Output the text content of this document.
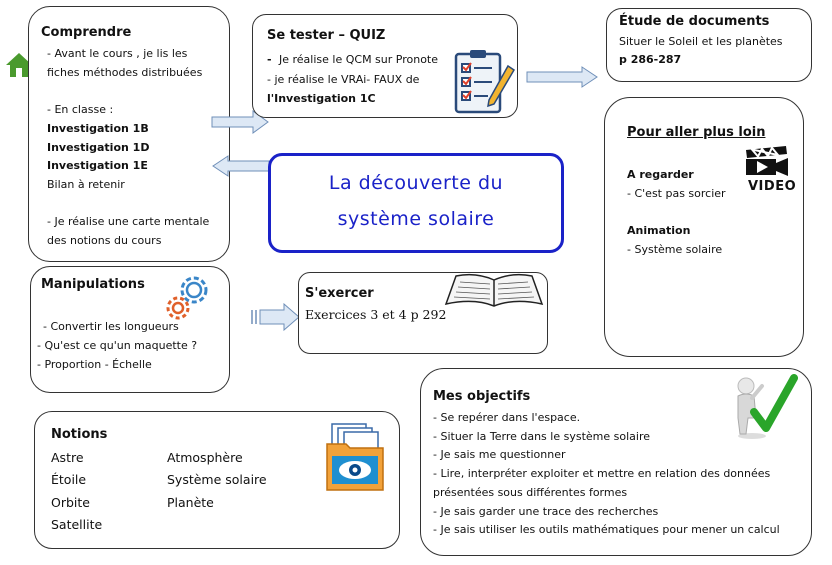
Comprendre
- Avant le cours , je lis les
fiches méthodes distribuées
- En classe :
Investigation 1B
Investigation 1D
Investigation 1E
Bilan à retenir
- Je réalise une carte mentale
des notions du cours
Se tester – QUIZ
- Je réalise le QCM sur Pronote
- je réalise le VRAi- FAUX de
l'Investigation 1C
Étude de documents
Situer le Soleil et les planètes
p 286-287
La découverte du
système solaire
Pour aller plus loin
A regarder
- C'est pas sorcier
Animation
- Système solaire
VIDEO
Manipulations
- Convertir les longueurs
- Qu'est ce qu'un maquette ?
- Proportion - Échelle
S'exercer
Exercices 3 et 4 p 292
Notions
Astre
Étoile
Orbite
Satellite
Atmosphère
Système solaire
Planète
Mes objectifs
- Se repérer dans l'espace.
- Situer la Terre dans le système solaire
- Je sais me questionner
- Lire, interpréter exploiter et mettre en relation des données
présentées sous différentes formes
- Je sais garder une trace des recherches
- Je sais utiliser les outils mathématiques pour mener un calcul
